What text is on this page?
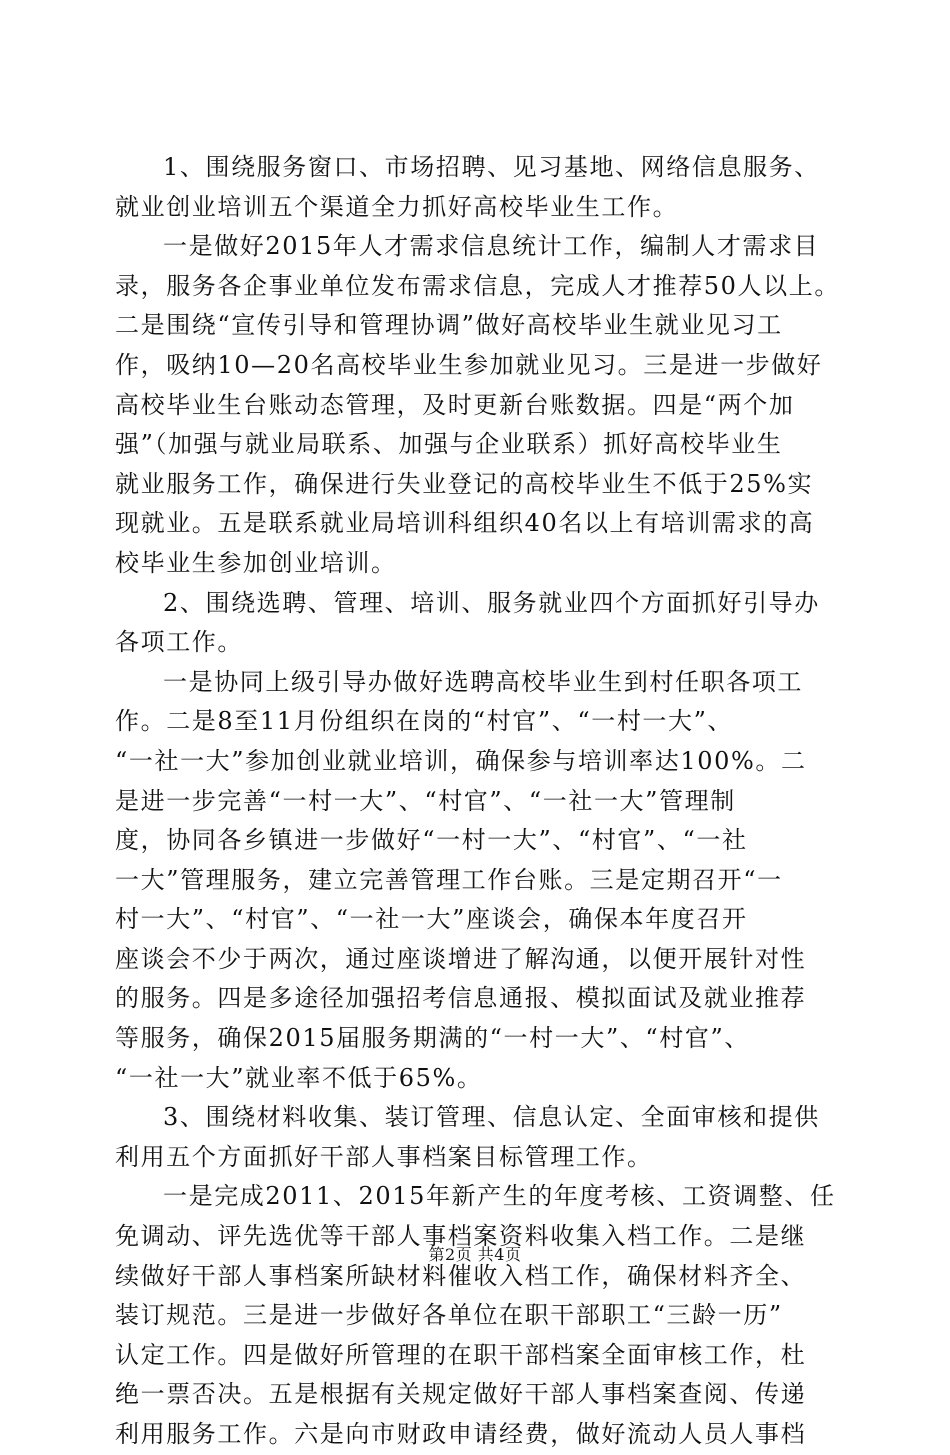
1、围绕服务窗口、市场招聘、见习基地、网络信息服务、
就业创业培训五个渠道全力抓好高校毕业生工作。
一是做好2015年人才需求信息统计工作，编制人才需求目
录，服务各企事业单位发布需求信息，完成人才推荐50人以上。
二是围绕“宣传引导和管理协调”做好高校毕业生就业见习工
作，吸纳10—20名高校毕业生参加就业见习。三是进一步做好
高校毕业生台账动态管理，及时更新台账数据。四是“两个加
强”（加强与就业局联系、加强与企业联系）抓好高校毕业生
就业服务工作，确保进行失业登记的高校毕业生不低于25%实
现就业。五是联系就业局培训科组织40名以上有培训需求的高
校毕业生参加创业培训。
2、围绕选聘、管理、培训、服务就业四个方面抓好引导办
各项工作。
一是协同上级引导办做好选聘高校毕业生到村任职各项工
作。二是8至11月份组织在岗的“村官”、“一村一大”、
“一社一大”参加创业就业培训，确保参与培训率达100%。二
是进一步完善“一村一大”、“村官”、“一社一大”管理制
度，协同各乡镇进一步做好“一村一大”、“村官”、“一社
一大”管理服务，建立完善管理工作台账。三是定期召开“一
村一大”、“村官”、“一社一大”座谈会，确保本年度召开
座谈会不少于两次，通过座谈增进了解沟通，以便开展针对性
的服务。四是多途径加强招考信息通报、模拟面试及就业推荐
等服务，确保2015届服务期满的“一村一大”、“村官”、
“一社一大”就业率不低于65%。
3、围绕材料收集、装订管理、信息认定、全面审核和提供
利用五个方面抓好干部人事档案目标管理工作。
一是完成2011、2015年新产生的年度考核、工资调整、任
免调动、评先选优等干部人事档案资料收集入档工作。二是继
续做好干部人事档案所缺材料催收入档工作，确保材料齐全、
装订规范。三是进一步做好各单位在职干部职工“三龄一历”
认定工作。四是做好所管理的在职干部档案全面审核工作，杜
绝一票否决。五是根据有关规定做好干部人事档案查阅、传递
利用服务工作。六是向市财政申请经费，做好流动人员人事档
第2页 共4页
